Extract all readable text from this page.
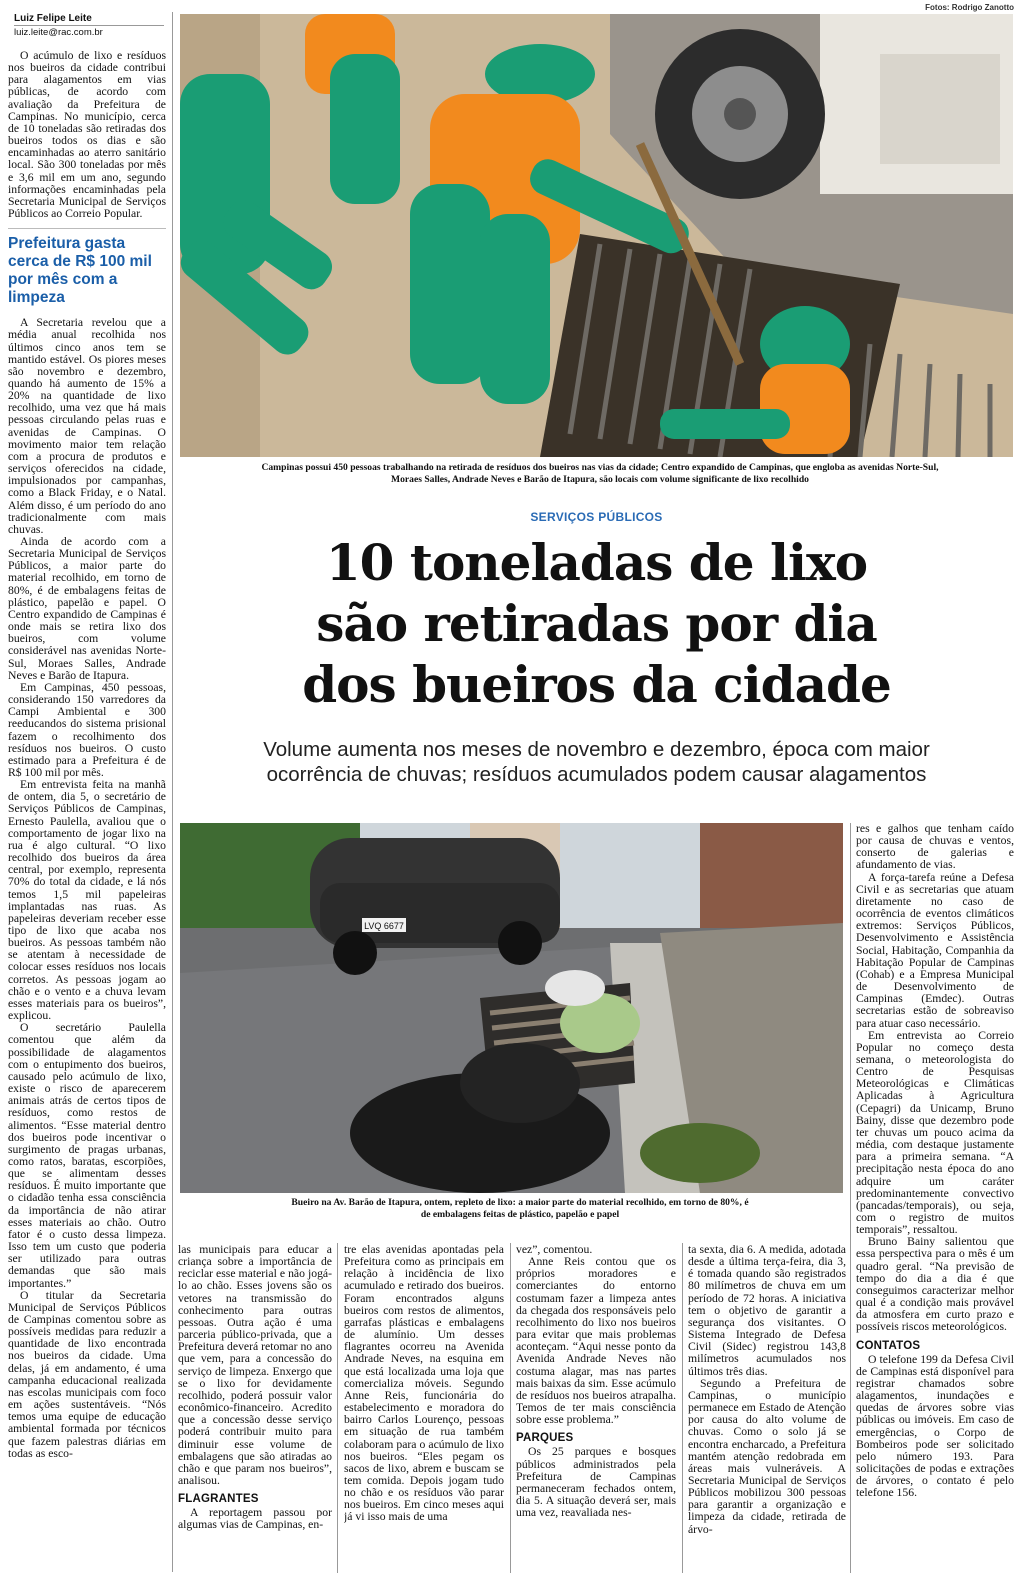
Luiz Felipe Leite
luiz.leite@rac.com.br
Fotos: Rodrigo Zanotto

O acúmulo de lixo e resíduos nos bueiros da cidade contribui para alagamentos em vias públicas, de acordo com avaliação da Prefeitura de Campinas. No município, cerca de 10 toneladas são retiradas dos bueiros todos os dias e são encaminhadas ao aterro sanitário local. São 300 toneladas por mês e 3,6 mil em um ano, segundo informações encaminhadas pela Secretaria Municipal de Serviços Públicos ao Correio Popular.

Prefeitura gasta cerca de R$ 100 mil por mês com a limpeza

A Secretaria revelou que a média anual recolhida nos últimos cinco anos tem se mantido estável. Os piores meses são novembro e dezembro, quando há aumento de 15% a 20% na quantidade de lixo recolhido, uma vez que há mais pessoas circulando pelas ruas e avenidas de Campinas. O movimento maior tem relação com a procura de produtos e serviços oferecidos na cidade, impulsionados por campanhas, como a Black Friday, e o Natal. Além disso, é um período do ano tradicionalmente com mais chuvas.

Ainda de acordo com a Secretaria Municipal de Serviços Públicos, a maior parte do material recolhido, em torno de 80%, é de embalagens feitas de plástico, papelão e papel. O Centro expandido de Campinas é onde mais se retira lixo dos bueiros, com volume considerável nas avenidas Norte-Sul, Moraes Salles, Andrade Neves e Barão de Itapura.

Em Campinas, 450 pessoas, considerando 150 varredores da Campi Ambiental e 300 reeducandos do sistema prisional fazem o recolhimento dos resíduos nos bueiros. O custo estimado para a Prefeitura é de R$ 100 mil por mês.

Em entrevista feita na manhã de ontem, dia 5, o secretário de Serviços Públicos de Campinas, Ernesto Paulella, avaliou que o comportamento de jogar lixo na rua é algo cultural. “O lixo recolhido dos bueiros da área central, por exemplo, representa 70% do total da cidade, e lá nós temos 1,5 mil papeleiras implantadas nas ruas. As papeleiras deveriam receber esse tipo de lixo que acaba nos bueiros. As pessoas também não se atentam à necessidade de colocar esses resíduos nos locais corretos. As pessoas jogam ao chão e o vento e a chuva levam esses materiais para os bueiros”, explicou.

O secretário Paulella comentou que além da possibilidade de alagamentos com o entupimento dos bueiros, causado pelo acúmulo de lixo, existe o risco de aparecerem animais atrás de certos tipos de resíduos, como restos de alimentos. “Esse material dentro dos bueiros pode incentivar o surgimento de pragas urbanas, como ratos, baratas, escorpiões, que se alimentam desses resíduos. É muito importante que o cidadão tenha essa consciência da importância de não atirar esses materiais ao chão. Outro fator é o custo dessa limpeza. Isso tem um custo que poderia ser utilizado para outras demandas que são mais importantes.”

O titular da Secretaria Municipal de Serviços Públicos de Campinas comentou sobre as possíveis medidas para reduzir a quantidade de lixo encontrada nos bueiros da cidade. Uma delas, já em andamento, é uma campanha educacional realizada nas escolas municipais com foco em ações sustentáveis. “Nós temos uma equipe de educação ambiental formada por técnicos que fazem palestras diárias em todas as esco-

Campinas possui 450 pessoas trabalhando na retirada de resíduos dos bueiros nas vias da cidade; Centro expandido de Campinas, que engloba as avenidas Norte-Sul, Moraes Salles, Andrade Neves e Barão de Itapura, são locais com volume significante de lixo recolhido
SERVIÇOS PÚBLICOS
10 toneladas de lixo
são retiradas por dia
dos bueiros da cidade
Volume aumenta nos meses de novembro e dezembro, época com maior
ocorrência de chuvas; resíduos acumulados podem causar alagamentos
LVQ 6677
Bueiro na Av. Barão de Itapura, ontem, repleto de lixo: a maior parte do material recolhido, em torno de 80%, é de embalagens feitas de plástico, papelão e papel

res e galhos que tenham caído por causa de chuvas e ventos, conserto de galerias e afundamento de vias.

A força-tarefa reúne a Defesa Civil e as secretarias que atuam diretamente no caso de ocorrência de eventos climáticos extremos: Serviços Públicos, Desenvolvimento e Assistência Social, Habitação, Companhia da Habitação Popular de Campinas (Cohab) e a Empresa Municipal de Desenvolvimento de Campinas (Emdec). Outras secretarias estão de sobreaviso para atuar caso necessário.

Em entrevista ao Correio Popular no começo desta semana, o meteorologista do Centro de Pesquisas Meteorológicas e Climáticas Aplicadas à Agricultura (Cepagri) da Unicamp, Bruno Bainy, disse que dezembro pode ter chuvas um pouco acima da média, com destaque justamente para a primeira semana. “A precipitação nesta época do ano adquire um caráter predominantemente convectivo (pancadas/temporais), ou seja, com o registro de muitos temporais”, ressaltou.

Bruno Bainy salientou que essa perspectiva para o mês é um quadro geral. “Na previsão de tempo do dia a dia é que conseguimos caracterizar melhor qual é a condição mais provável da atmosfera em curto prazo e possíveis riscos meteorológicos.

CONTATOS

O telefone 199 da Defesa Civil de Campinas está disponível para registrar chamados sobre alagamentos, inundações e quedas de árvores sobre vias públicas ou imóveis. Em caso de emergências, o Corpo de Bombeiros pode ser solicitado pelo número 193. Para solicitações de podas e extrações de árvores, o contato é pelo telefone 156.

las municipais para educar a criança sobre a importância de reciclar esse material e não jogá-lo ao chão. Esses jovens são os vetores na transmissão do conhecimento para outras pessoas. Outra ação é uma parceria público-privada, que a Prefeitura deverá retomar no ano que vem, para a concessão do serviço de limpeza. Enxergo que se o lixo for devidamente recolhido, poderá possuir valor econômico-financeiro. Acredito que a concessão desse serviço poderá contribuir muito para diminuir esse volume de embalagens que são atiradas ao chão e que param nos bueiros”, analisou.

FLAGRANTES

A reportagem passou por algumas vias de Campinas, en-

tre elas avenidas apontadas pela Prefeitura como as principais em relação à incidência de lixo acumulado e retirado dos bueiros. Foram encontrados alguns bueiros com restos de alimentos, garrafas plásticas e embalagens de alumínio. Um desses flagrantes ocorreu na Avenida Andrade Neves, na esquina em que está localizada uma loja que comercializa móveis. Segundo Anne Reis, funcionária do estabelecimento e moradora do bairro Carlos Lourenço, pessoas em situação de rua também colaboram para o acúmulo de lixo nos bueiros. “Eles pegam os sacos de lixo, abrem e buscam se tem comida. Depois jogam tudo no chão e os resíduos vão parar nos bueiros. Em cinco meses aqui já vi isso mais de uma

vez”, comentou.

Anne Reis contou que os próprios moradores e comerciantes do entorno costumam fazer a limpeza antes da chegada dos responsáveis pelo recolhimento do lixo nos bueiros para evitar que mais problemas aconteçam. “Aqui nesse ponto da Avenida Andrade Neves não costuma alagar, mas nas partes mais baixas da sim. Esse acúmulo de resíduos nos bueiros atrapalha. Temos de ter mais consciência sobre esse problema.”

PARQUES

Os 25 parques e bosques públicos administrados pela Prefeitura de Campinas permaneceram fechados ontem, dia 5. A situação deverá ser, mais uma vez, reavaliada nes-

ta sexta, dia 6. A medida, adotada desde a última terça-feira, dia 3, é tomada quando são registrados 80 milímetros de chuva em um período de 72 horas. A iniciativa tem o objetivo de garantir a segurança dos visitantes. O Sistema Integrado de Defesa Civil (Sidec) registrou 143,8 milímetros acumulados nos últimos três dias.

Segundo a Prefeitura de Campinas, o município permanece em Estado de Atenção por causa do alto volume de chuvas. Como o solo já se encontra encharcado, a Prefeitura mantém atenção redobrada em áreas mais vulneráveis. A Secretaria Municipal de Serviços Públicos mobilizou 300 pessoas para garantir a organização e limpeza da cidade, retirada de árvo-
